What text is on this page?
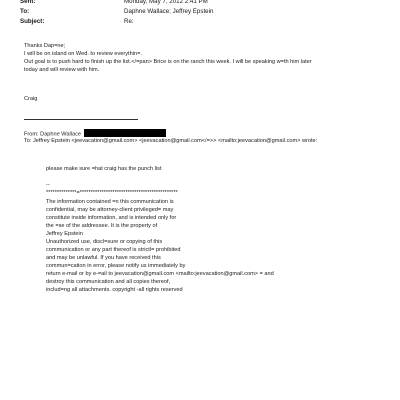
Sent:	Monday, May 7, 2012 2:41 PM
To:	Daphne Wallace; Jeffrey Epstein
Subject:	Re:
Thanks Dap=ne;
I will be on island on Wed. to review everythin=.
Out goal is to push hard to finish up the list.</=pan> Brice is on the ranch this week. I will be speaking w=th him later
today and will review with him.
Craig
From: Daphne Wallace
To: Jeffrey Epstein <jeevacation@gmail.com> <jeevacation@gmail.com</=>> <mailto:jeevacation@gmail.com> wrote:
please make sure =hat craig has the punch list
--
**************=*********************************************
The information contained =n this communication is
confidential, may be attorney-client privileged= may
constitute inside information, and is intended only for
the =se of the addressee. It is the property of
Jeffrey Epstein
Unauthorized use, discl=sure or copying of this
communication or any part thereof is strictl= prohibited
and may be unlawful. If you have received this
commun=cation in error, please notify us immediately by
return e-mail or by e-=ail to jeevacation@gmail.com <mailto:jeevacation@gmail.com> = and
destroy this communication and all copies thereof,
includ=ng all attachments. copyright -all rights reserved
